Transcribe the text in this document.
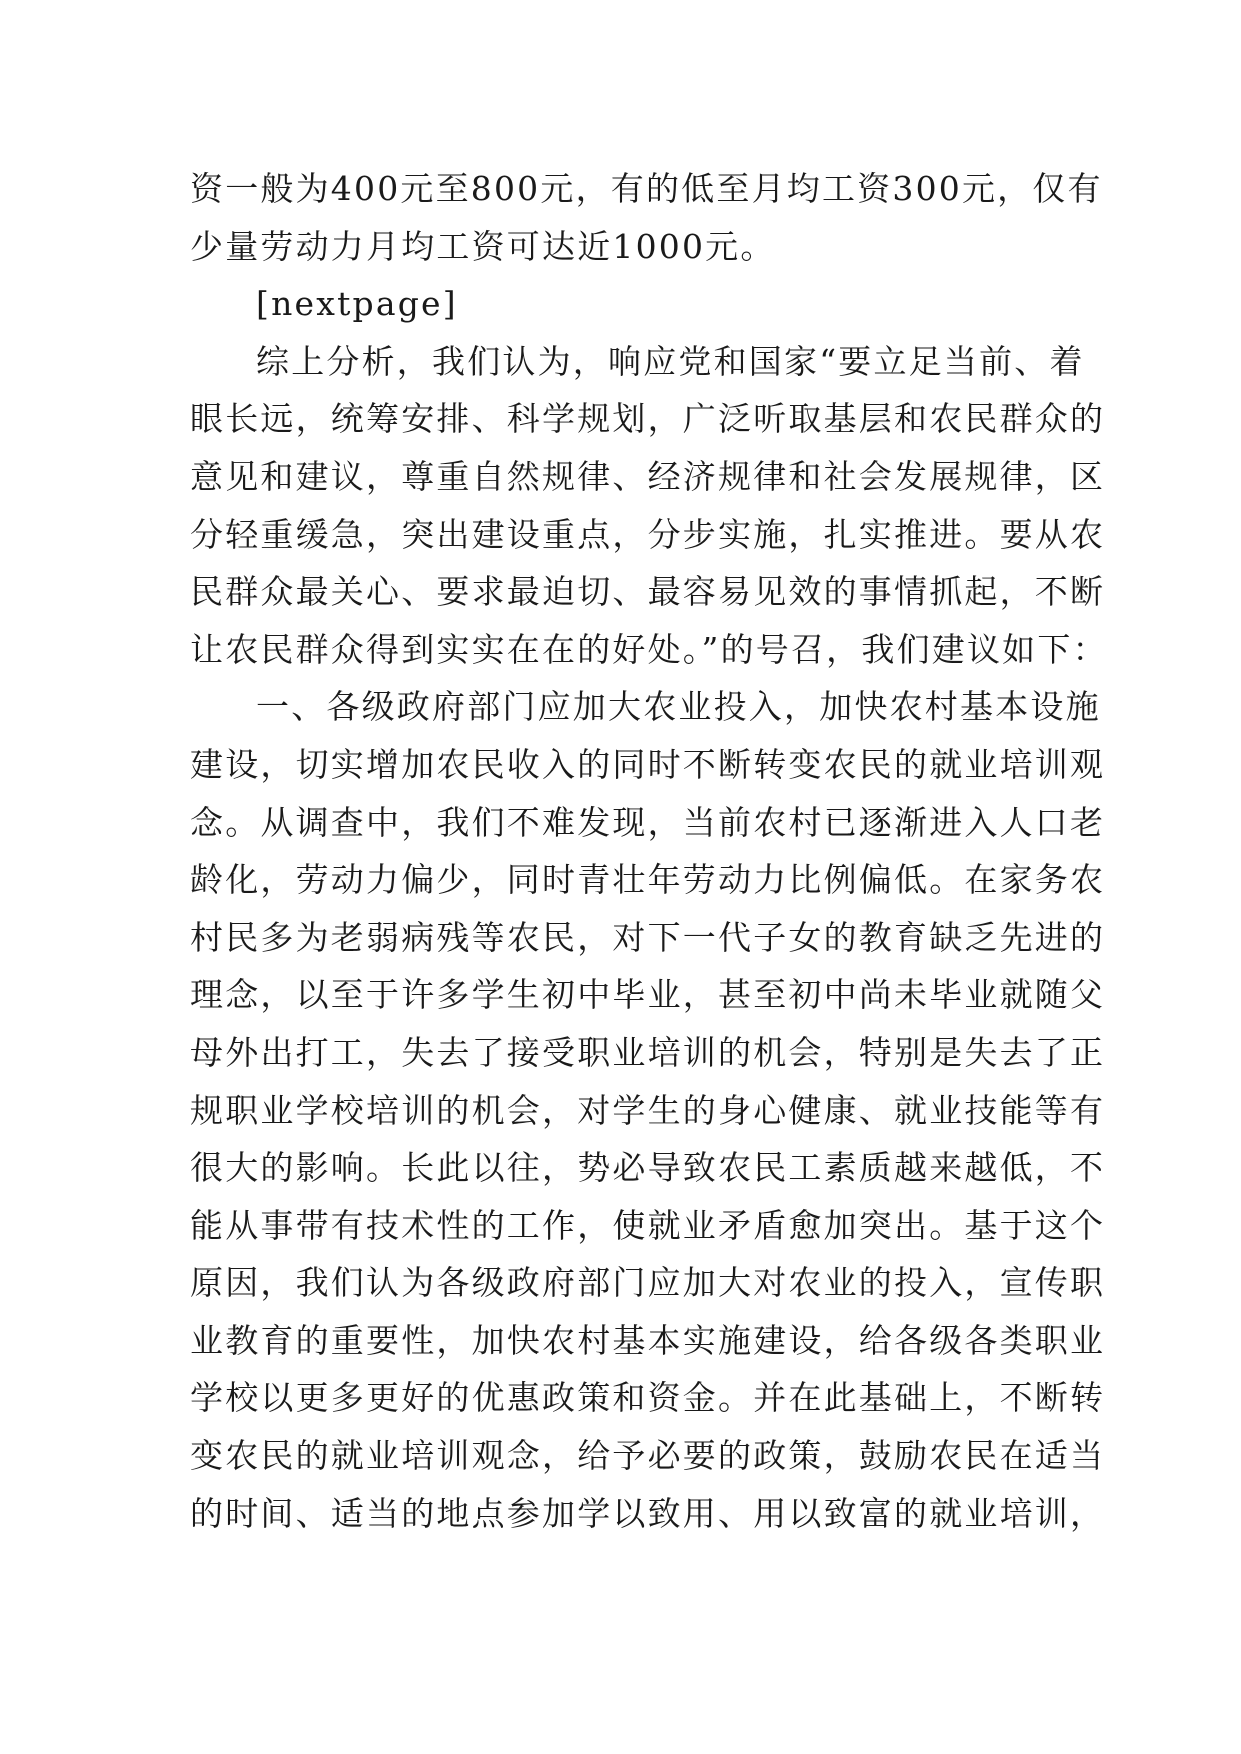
资一般为400元至800元，有的低至月均工资300元，仅有
少量劳动力月均工资可达近1000元。
[nextpage]
综上分析，我们认为，响应党和国家“要立足当前、着
眼长远，统筹安排、科学规划，广泛听取基层和农民群众的
意见和建议，尊重自然规律、经济规律和社会发展规律，区
分轻重缓急，突出建设重点，分步实施，扎实推进。要从农
民群众最关心、要求最迫切、最容易见效的事情抓起，不断
让农民群众得到实实在在的好处。”的号召，我们建议如下：
一、各级政府部门应加大农业投入，加快农村基本设施
建设，切实增加农民收入的同时不断转变农民的就业培训观
念。从调查中，我们不难发现，当前农村已逐渐进入人口老
龄化，劳动力偏少，同时青壮年劳动力比例偏低。在家务农
村民多为老弱病残等农民，对下一代子女的教育缺乏先进的
理念，以至于许多学生初中毕业，甚至初中尚未毕业就随父
母外出打工，失去了接受职业培训的机会，特别是失去了正
规职业学校培训的机会，对学生的身心健康、就业技能等有
很大的影响。长此以往，势必导致农民工素质越来越低，不
能从事带有技术性的工作，使就业矛盾愈加突出。基于这个
原因，我们认为各级政府部门应加大对农业的投入，宣传职
业教育的重要性，加快农村基本实施建设，给各级各类职业
学校以更多更好的优惠政策和资金。并在此基础上，不断转
变农民的就业培训观念，给予必要的政策，鼓励农民在适当
的时间、适当的地点参加学以致用、用以致富的就业培训，
